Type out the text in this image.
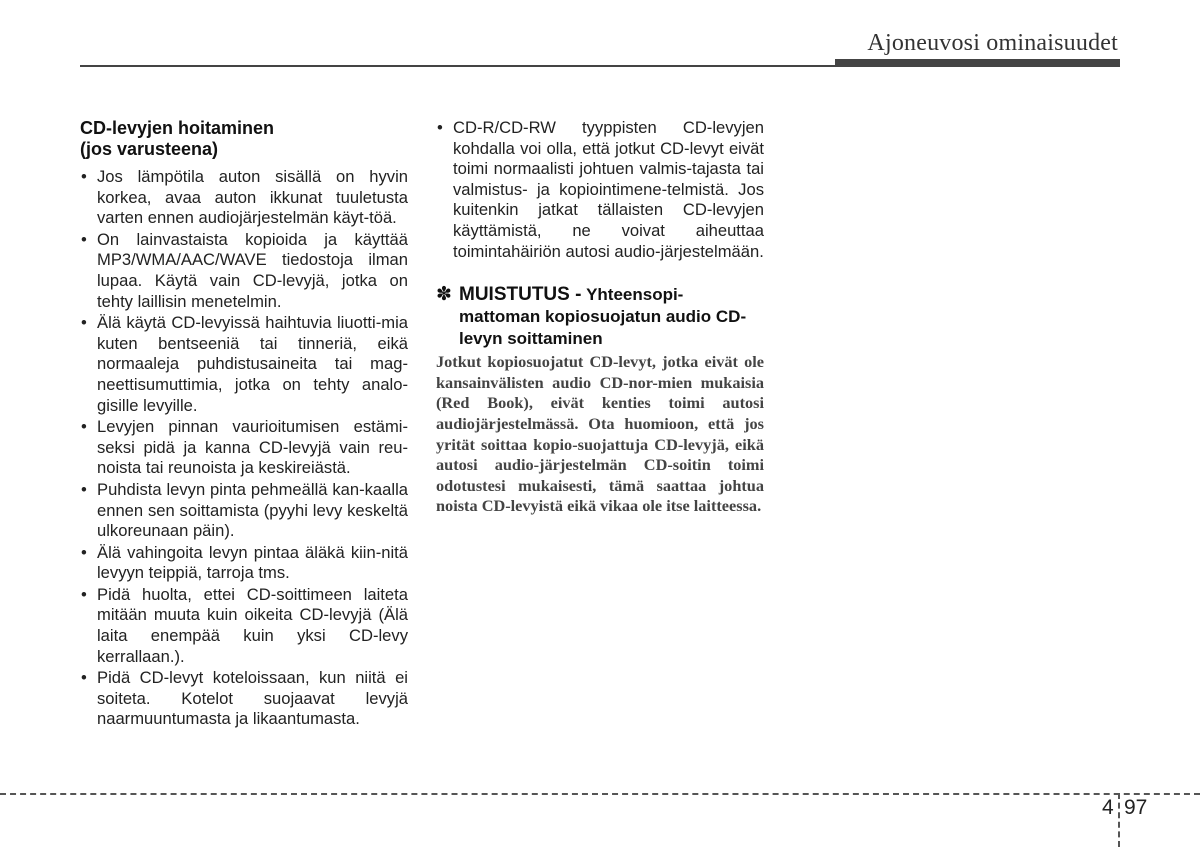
Ajoneuvosi ominaisuudet
CD-levyjen hoitaminen
(jos varusteena)
• Jos lämpötila auton sisällä on hyvin korkea, avaa auton ikkunat tuuletusta varten ennen audiojärjestelmän käyt-töä.
• On lainvastaista kopioida ja käyttää MP3/WMA/AAC/WAVE tiedostoja ilman lupaa. Käytä vain CD-levyjä, jotka on tehty laillisin menetelmin.
• Älä käytä CD-levyissä haihtuvia liuotti-mia kuten bentseeniä tai tinneriä, eikä normaaleja puhdistusaineita tai mag-neettisumuttimia, jotka on tehty analo-gisille levyille.
• Levyjen pinnan vaurioitumisen estämi-seksi pidä ja kanna CD-levyjä vain reu-noista tai reunoista ja keskireiästä.
• Puhdista levyn pinta pehmeällä kan-kaalla ennen sen soittamista (pyyhi levy keskeltä ulkoreunaan päin).
• Älä vahingoita levyn pintaa äläkä kiin-nitä levyyn teippiä, tarroja tms.
• Pidä huolta, ettei CD-soittimeen laiteta mitään muuta kuin oikeita CD-levyjä (Älä laita enempää kuin yksi CD-levy kerrallaan.).
• Pidä CD-levyt koteloissaan, kun niitä ei soiteta. Kotelot suojaavat levyjä naarmuuntumasta ja likaantumasta.
• CD-R/CD-RW tyyppisten CD-levyjen kohdalla voi olla, että jotkut CD-levyt eivät toimi normaalisti johtuen valmis-tajasta tai valmistus- ja kopiointimene-telmistä. Jos kuitenkin jatkat tällaisten CD-levyjen käyttämistä, ne voivat aiheuttaa toimintahäiriön autosi audio-järjestelmään.
✽ MUISTUTUS - Yhteensopi-mattoman kopiosuojatun audio CD-levyn soittaminen
Jotkut kopiosuojatut CD-levyt, jotka eivät ole kansainvälisten audio CD-nor-mien mukaisia (Red Book), eivät kenties toimi autosi audiojärjestelmässä. Ota huomioon, että jos yrität soittaa kopio-suojattuja CD-levyjä, eikä autosi audio-järjestelmän CD-soitin toimi odotustesi mukaisesti, tämä saattaa johtua noista CD-levyistä eikä vikaa ole itse laitteessa.
4 97
